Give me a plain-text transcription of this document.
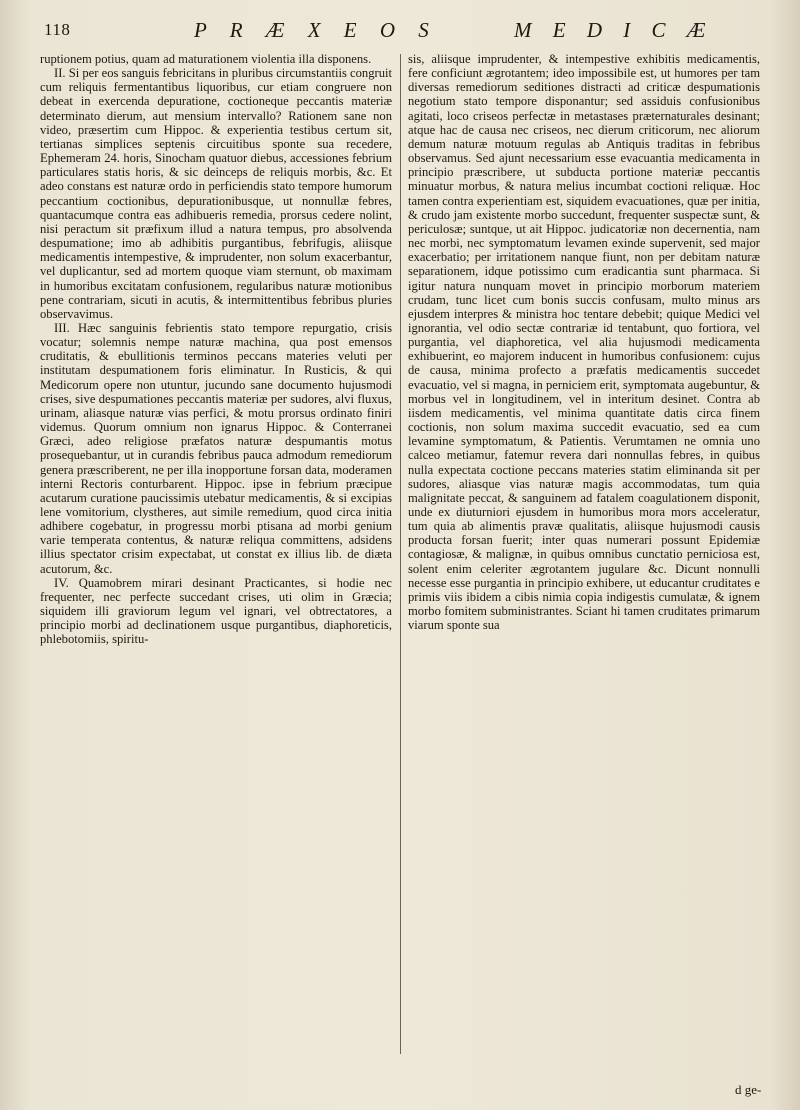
118	P R Æ X E O S	M E D I C Æ

ruptionem potius, quam ad maturationem violentia illa disponens.

II. Si per eos sanguis febricitans in pluribus circumstantiis congruit cum reliquis fermentantibus liquoribus, cur etiam congruere non debeat in exercenda depuratione, coctioneque peccantis materiæ determinato dierum, aut mensium intervallo? Rationem sane non video, præsertim cum Hippoc. & experientia testibus certum sit, tertianas simplices septenis circuitibus sponte sua recedere, Ephemeram 24. horis, Sinocham quatuor diebus, accessiones febrium particulares statis horis, & sic deinceps de reliquis morbis, &c. Et adeo constans est naturæ ordo in perficiendis stato tempore humorum peccantium coctionibus, depurationibusque, ut nonnullæ febres, quantacumque contra eas adhibueris remedia, prorsus cedere nolint, nisi peractum sit præfixum illud a natura tempus, pro absolvenda despumatione; imo ab adhibitis purgantibus, febrifugis, aliisque medicamentis intempestive, & imprudenter, non solum exacerbantur, vel duplicantur, sed ad mortem quoque viam sternunt, ob maximam in humoribus excitatam confusionem, regularibus naturæ motionibus pene contrariam, sicuti in acutis, & intermittentibus febribus pluries observavimus.

III. Hæc sanguinis febrientis stato tempore repurgatio, crisis vocatur; solemnis nempe naturæ machina, qua post emensos cruditatis, & ebullitionis terminos peccans materies veluti per institutam despumationem foris eliminatur. In Rusticis, & qui Medicorum opere non utuntur, jucundo sane documento hujusmodi crises, sive despumationes peccantis materiæ per sudores, alvi fluxus, urinam, aliasque naturæ vias perfici, & motu prorsus ordinato finiri videmus. Quorum omnium non ignarus Hippoc. & Conterranei Græci, adeo religiose præfatos naturæ despumantis motus prosequebantur, ut in curandis febribus pauca admodum remediorum genera præscriberent, ne per illa inopportune forsan data, moderamen interni Rectoris conturbarent. Hippoc. ipse in febrium præcipue acutarum curatione paucissimis utebatur medicamentis, & si excipias lene vomitorium, clystheres, aut simile remedium, quod circa initia adhibere cogebatur, in progressu morbi ptisana ad morbi genium varie temperata contentus, & naturæ reliqua committens, adsidens illius spectator crisim expectabat, ut constat ex illius lib. de diæta acutorum, &c.

IV. Quamobrem mirari desinant Practicantes, si hodie nec frequenter, nec perfecte succedant crises, uti olim in Græcia; siquidem illi graviorum legum vel ignari, vel obtrectatores, a principio morbi ad declinationem usque purgantibus, diaphoreticis, phlebotomiis, spiritu-

sis, aliisque imprudenter, & intempestive exhibitis medicamentis, fere conficiunt ægrotantem; ideo impossibile est, ut humores per tam diversas remediorum seditiones distracti ad criticæ despumationis negotium stato tempore disponantur; sed assiduis confusionibus agitati, loco criseos perfectæ in metastases præternaturales desinant; atque hac de causa nec criseos, nec dierum criticorum, nec aliorum demum naturæ motuum regulas ab Antiquis traditas in febribus observamus. Sed ajunt necessarium esse evacuantia medicamenta in principio præscribere, ut subducta portione materiæ peccantis minuatur morbus, & natura melius incumbat coctioni reliquæ. Hoc tamen contra experientiam est, siquidem evacuationes, quæ per initia, & crudo jam existente morbo succedunt, frequenter suspectæ sunt, & periculosæ; suntque, ut ait Hippoc. judicatoriæ non decernentia, nam nec morbi, nec symptomatum levamen exinde supervenit, sed major exacerbatio; per irritationem nanque fiunt, non per debitam naturæ separationem, idque potissimo cum eradicantia sunt pharmaca. Si igitur natura nunquam movet in principio morborum materiem crudam, tunc licet cum bonis succis confusam, multo minus ars ejusdem interpres & ministra hoc tentare debebit; quique Medici vel ignorantia, vel odio sectæ contrariæ id tentabunt, quo fortiora, vel purgantia, vel diaphoretica, vel alia hujusmodi medicamenta exhibuerint, eo majorem inducent in humoribus confusionem: cujus de causa, minima profecto a præfatis medicamentis succedet evacuatio, vel si magna, in perniciem erit, symptomata augebuntur, & morbus vel in longitudinem, vel in interitum desinet. Contra ab iisdem medicamentis, vel minima quantitate datis circa finem coctionis, non solum maxima succedit evacuatio, sed ea cum levamine symptomatum, & Patientis. Verumtamen ne omnia uno calceo metiamur, fatemur revera dari nonnullas febres, in quibus nulla expectata coctione peccans materies statim eliminanda sit per sudores, aliasque vias naturæ magis accommodatas, tum quia malignitate peccat, & sanguinem ad fatalem coagulationem disponit, unde ex diuturniori ejusdem in humoribus mora mors acceleratur, tum quia ab alimentis pravæ qualitatis, aliisque hujusmodi causis producta forsan fuerit; inter quas numerari possunt Epidemiæ contagiosæ, & malignæ, in quibus omnibus cunctatio perniciosa est, solent enim celeriter ægrotantem jugulare &c. Dicunt nonnulli necesse esse purgantia in principio exhibere, ut educantur cruditates e primis viis ibidem a cibis nimia copia indigestis cumulatæ, & ignem morbo fomitem subministrantes. Sciant hi tamen cruditates primarum viarum sponte sua

d ge-
